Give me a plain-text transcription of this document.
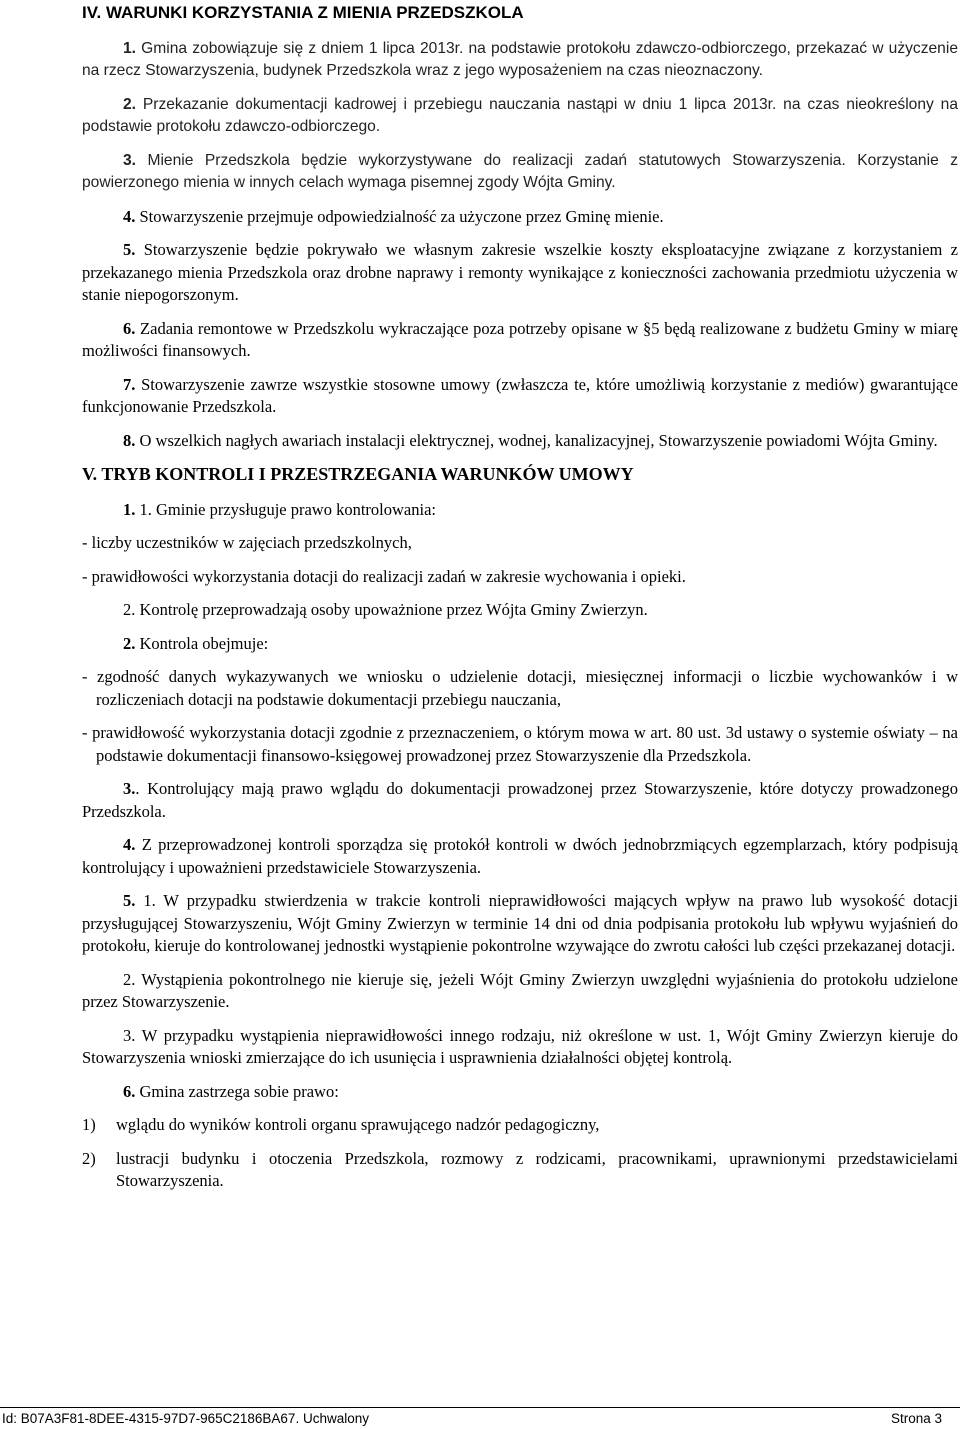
IV. WARUNKI KORZYSTANIA Z MIENIA PRZEDSZKOLA

1. Gmina zobowiązuje się z dniem 1 lipca 2013r. na podstawie protokołu zdawczo-odbiorczego, przekazać w użyczenie na rzecz Stowarzyszenia, budynek Przedszkola wraz z jego wyposażeniem na czas nieoznaczony.

2. Przekazanie dokumentacji kadrowej i przebiegu nauczania nastąpi w dniu 1 lipca 2013r. na czas nieokreślony na podstawie protokołu zdawczo-odbiorczego.

3. Mienie Przedszkola będzie wykorzystywane do realizacji zadań statutowych Stowarzyszenia. Korzystanie z powierzonego mienia w innych celach wymaga pisemnej zgody Wójta Gminy.

4. Stowarzyszenie przejmuje odpowiedzialność za użyczone przez Gminę mienie.

5. Stowarzyszenie będzie pokrywało we własnym zakresie wszelkie koszty eksploatacyjne związane z korzystaniem z przekazanego mienia Przedszkola oraz drobne naprawy i remonty wynikające z konieczności zachowania przedmiotu użyczenia w stanie niepogorszonym.

6. Zadania remontowe w Przedszkolu wykraczające poza potrzeby opisane w §5 będą realizowane z budżetu Gminy w miarę możliwości finansowych.

7. Stowarzyszenie zawrze wszystkie stosowne umowy (zwłaszcza te, które umożliwią korzystanie z mediów) gwarantujące funkcjonowanie Przedszkola.

8. O wszelkich nagłych awariach instalacji elektrycznej, wodnej, kanalizacyjnej, Stowarzyszenie powiadomi Wójta Gminy.

V. TRYB KONTROLI I PRZESTRZEGANIA WARUNKÓW UMOWY

1. 1. Gminie przysługuje prawo kontrolowania:

- liczby uczestników w zajęciach przedszkolnych,

- prawidłowości wykorzystania dotacji do realizacji zadań w zakresie wychowania i opieki.

2. Kontrolę przeprowadzają osoby upoważnione przez Wójta Gminy Zwierzyn.

2. Kontrola obejmuje:

- zgodność danych wykazywanych we wniosku o udzielenie dotacji, miesięcznej informacji o liczbie wychowanków i w rozliczeniach dotacji na podstawie dokumentacji przebiegu nauczania,

- prawidłowość wykorzystania dotacji zgodnie z przeznaczeniem, o którym mowa w art. 80 ust. 3d ustawy o systemie oświaty – na podstawie dokumentacji finansowo-księgowej prowadzonej przez Stowarzyszenie dla Przedszkola.

3.. Kontrolujący mają prawo wglądu do dokumentacji prowadzonej przez Stowarzyszenie, które dotyczy prowadzonego Przedszkola.

4. Z przeprowadzonej kontroli sporządza się protokół kontroli w dwóch jednobrzmiących egzemplarzach, który podpisują kontrolujący i upoważnieni przedstawiciele Stowarzyszenia.

5. 1. W przypadku stwierdzenia w trakcie kontroli nieprawidłowości mających wpływ na prawo lub wysokość dotacji przysługującej Stowarzyszeniu, Wójt Gminy Zwierzyn w terminie 14 dni od dnia podpisania protokołu lub wpływu wyjaśnień do protokołu, kieruje do kontrolowanej jednostki wystąpienie pokontrolne wzywające do zwrotu całości lub części przekazanej dotacji.

2. Wystąpienia pokontrolnego nie kieruje się, jeżeli Wójt Gminy Zwierzyn uwzględni wyjaśnienia do protokołu udzielone przez Stowarzyszenie.

3. W przypadku wystąpienia nieprawidłowości innego rodzaju, niż określone w ust. 1, Wójt Gminy Zwierzyn kieruje do Stowarzyszenia wnioski zmierzające do ich usunięcia i usprawnienia działalności objętej kontrolą.

6. Gmina zastrzega sobie prawo:

1)	wglądu do wyników kontroli organu sprawującego nadzór pedagogiczny,
2)	lustracji budynku i otoczenia Przedszkola, rozmowy z rodzicami, pracownikami, uprawnionymi przedstawicielami Stowarzyszenia.
Id: B07A3F81-8DEE-4315-97D7-965C2186BA67. Uchwalony	Strona 3
